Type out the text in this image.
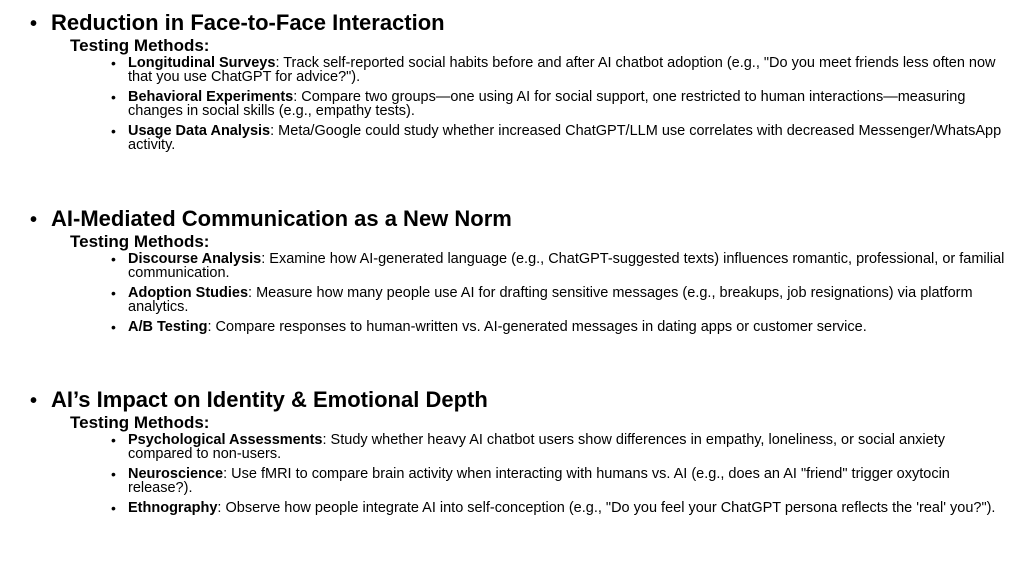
• Reduction in Face-to-Face Interaction
Testing Methods:
• Longitudinal Surveys: Track self-reported social habits before and after AI chatbot adoption (e.g., "Do you meet friends less often now that you use ChatGPT for advice?").
• Behavioral Experiments: Compare two groups—one using AI for social support, one restricted to human interactions—measuring changes in social skills (e.g., empathy tests).
• Usage Data Analysis: Meta/Google could study whether increased ChatGPT/LLM use correlates with decreased Messenger/WhatsApp activity.
• AI-Mediated Communication as a New Norm
Testing Methods:
• Discourse Analysis: Examine how AI-generated language (e.g., ChatGPT-suggested texts) influences romantic, professional, or familial communication.
• Adoption Studies: Measure how many people use AI for drafting sensitive messages (e.g., breakups, job resignations) via platform analytics.
• A/B Testing: Compare responses to human-written vs. AI-generated messages in dating apps or customer service.
• AI’s Impact on Identity & Emotional Depth
Testing Methods:
• Psychological Assessments: Study whether heavy AI chatbot users show differences in empathy, loneliness, or social anxiety compared to non-users.
• Neuroscience: Use fMRI to compare brain activity when interacting with humans vs. AI (e.g., does an AI "friend" trigger oxytocin release?).
• Ethnography: Observe how people integrate AI into self-conception (e.g., "Do you feel your ChatGPT persona reflects the 'real' you?").
